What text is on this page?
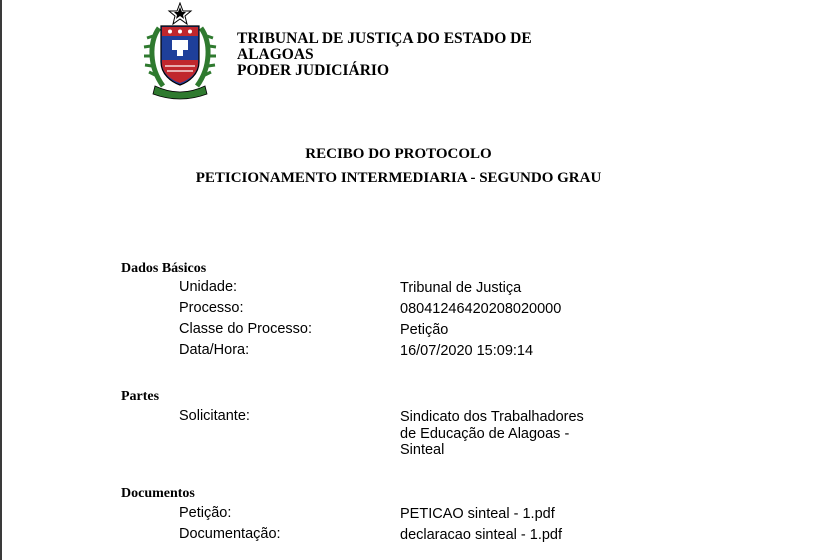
TRIBUNAL DE JUSTIÇA DO ESTADO DE
ALAGOAS
PODER JUDICIÁRIO
RECIBO DO PROTOCOLO
PETICIONAMENTO INTERMEDIARIA - SEGUNDO GRAU
Dados Básicos
Unidade:	Tribunal de Justiça
Processo:	08041246420208020000
Classe do Processo:	Petição
Data/Hora:	16/07/2020 15:09:14
Partes
Solicitante:	Sindicato dos Trabalhadores
de Educação de Alagoas -
Sinteal
Documentos
Petição:	PETICAO sinteal - 1.pdf
Documentação:	declaracao sinteal - 1.pdf
